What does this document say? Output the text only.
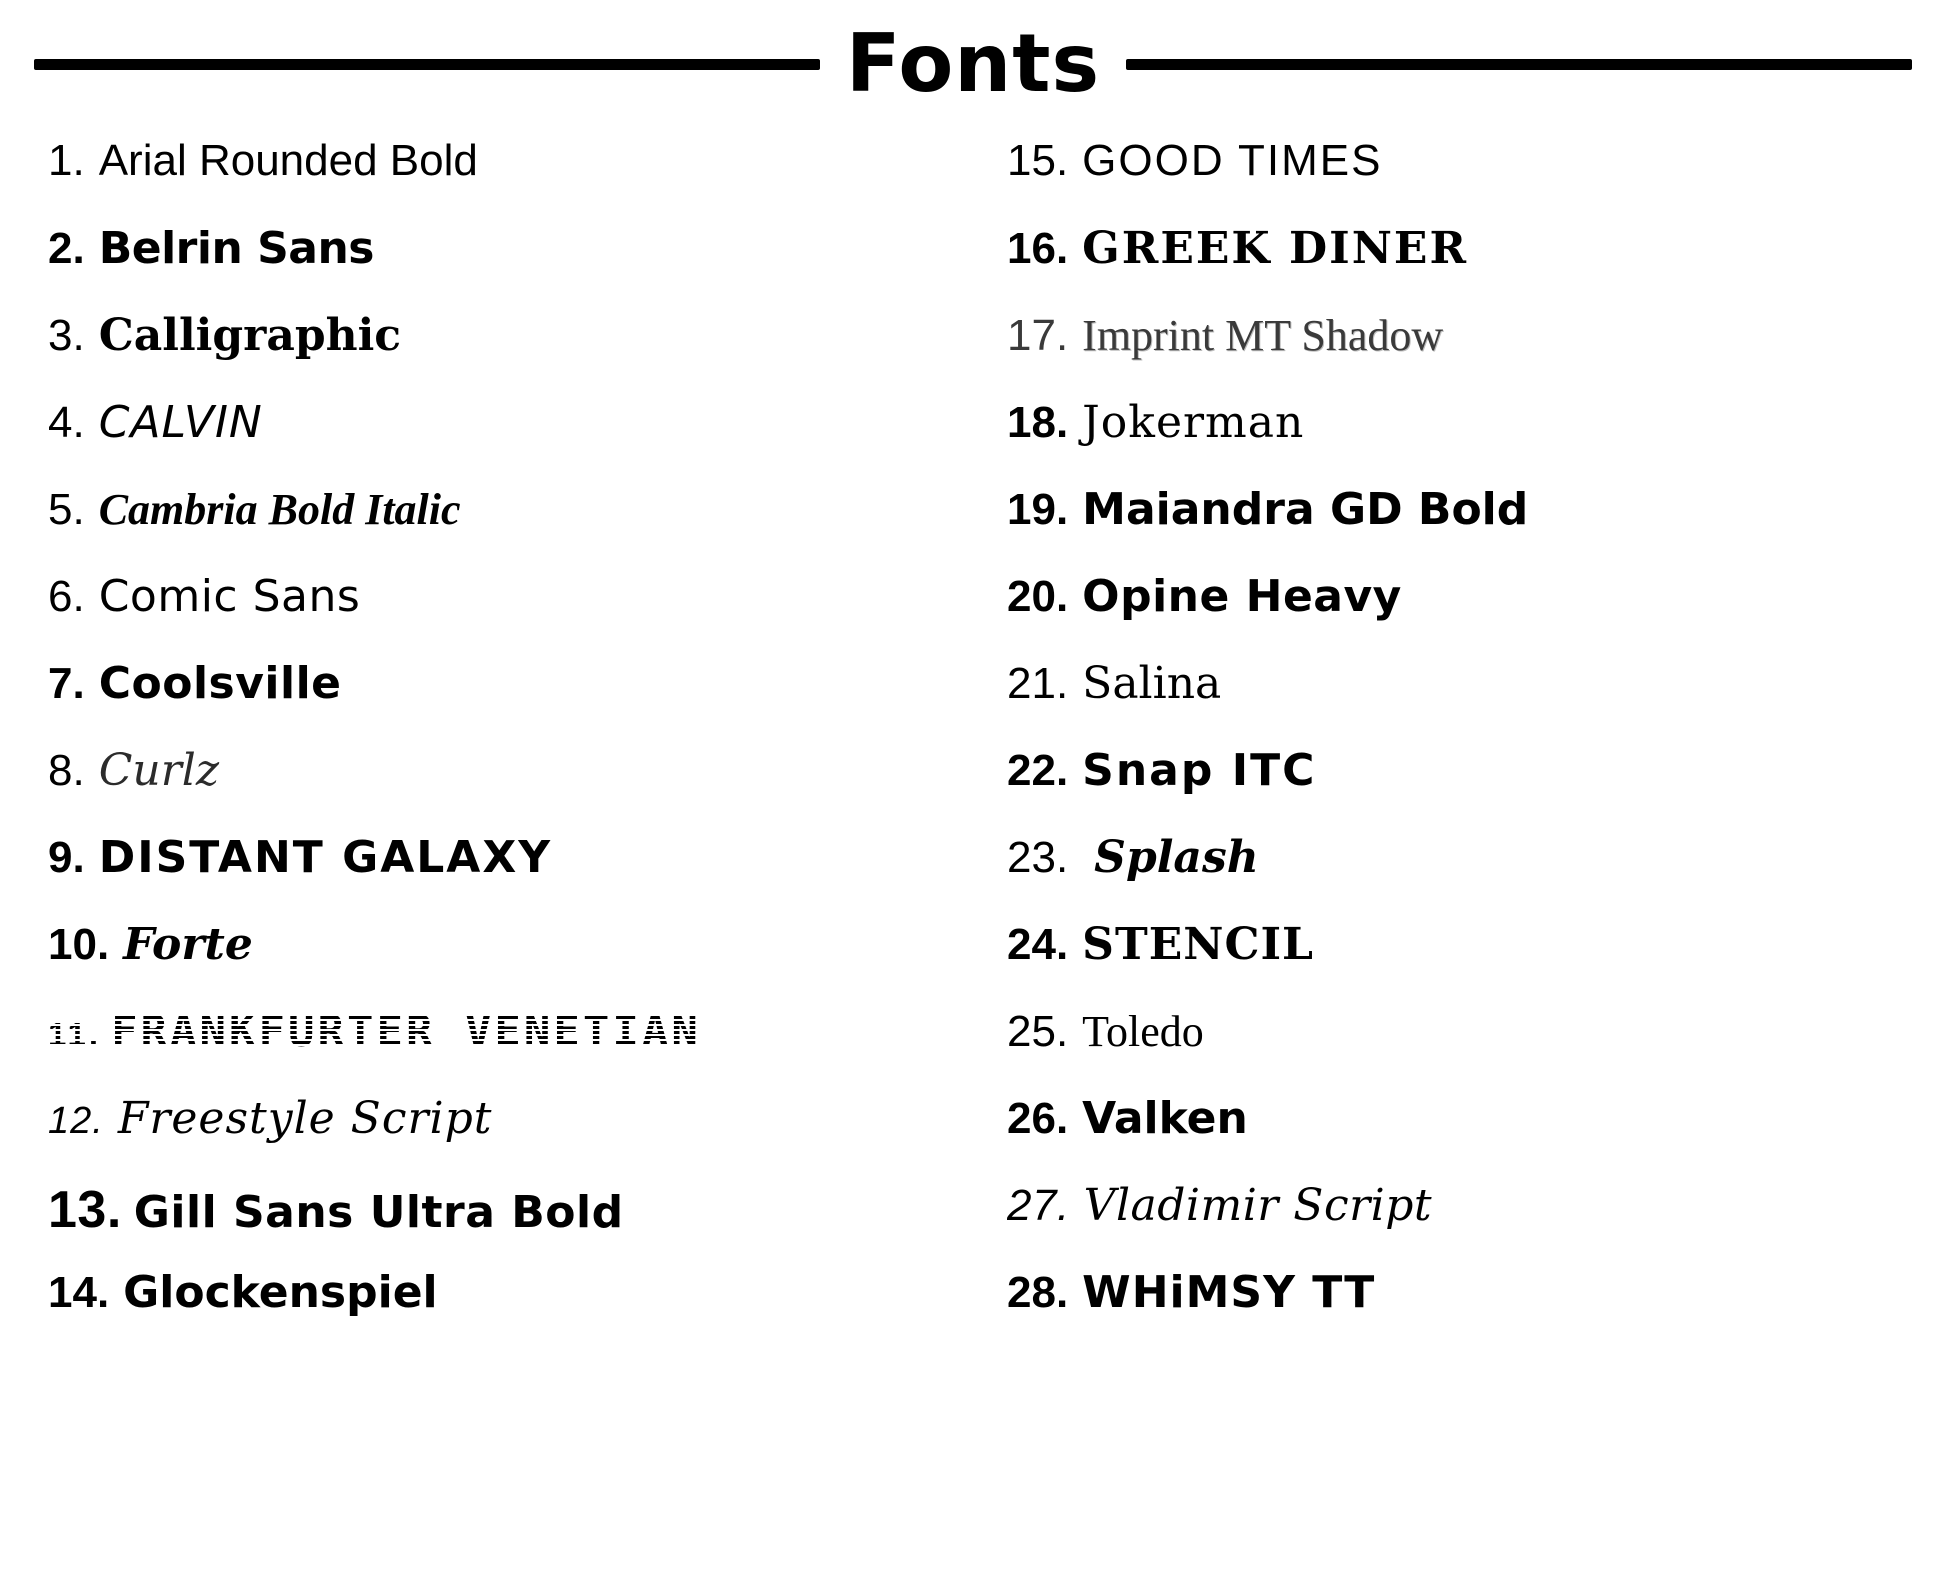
Fonts
1. Arial Rounded Bold
2. Belrin Sans
3. Calligraphic
4. CALVIN
5. Cambria Bold Italic
6. Comic Sans
7. Coolsville
8. Curlz
9. DISTANT GALAXY
10. Forte
11. FRANKFURTER VENETIAN
12. Freestyle Script
13. Gill Sans Ultra Bold
14. Glockenspiel
15. GOOD TIMES
16. GREEK DINER
17. Imprint MT Shadow
18. Jokerman
19. Maiandra GD Bold
20. Opine Heavy
21. Salina
22. Snap ITC
23. Splash
24. STENCIL
25. Toledo
26. Valken
27. Vladimir Script
28. WHiMSY TT
